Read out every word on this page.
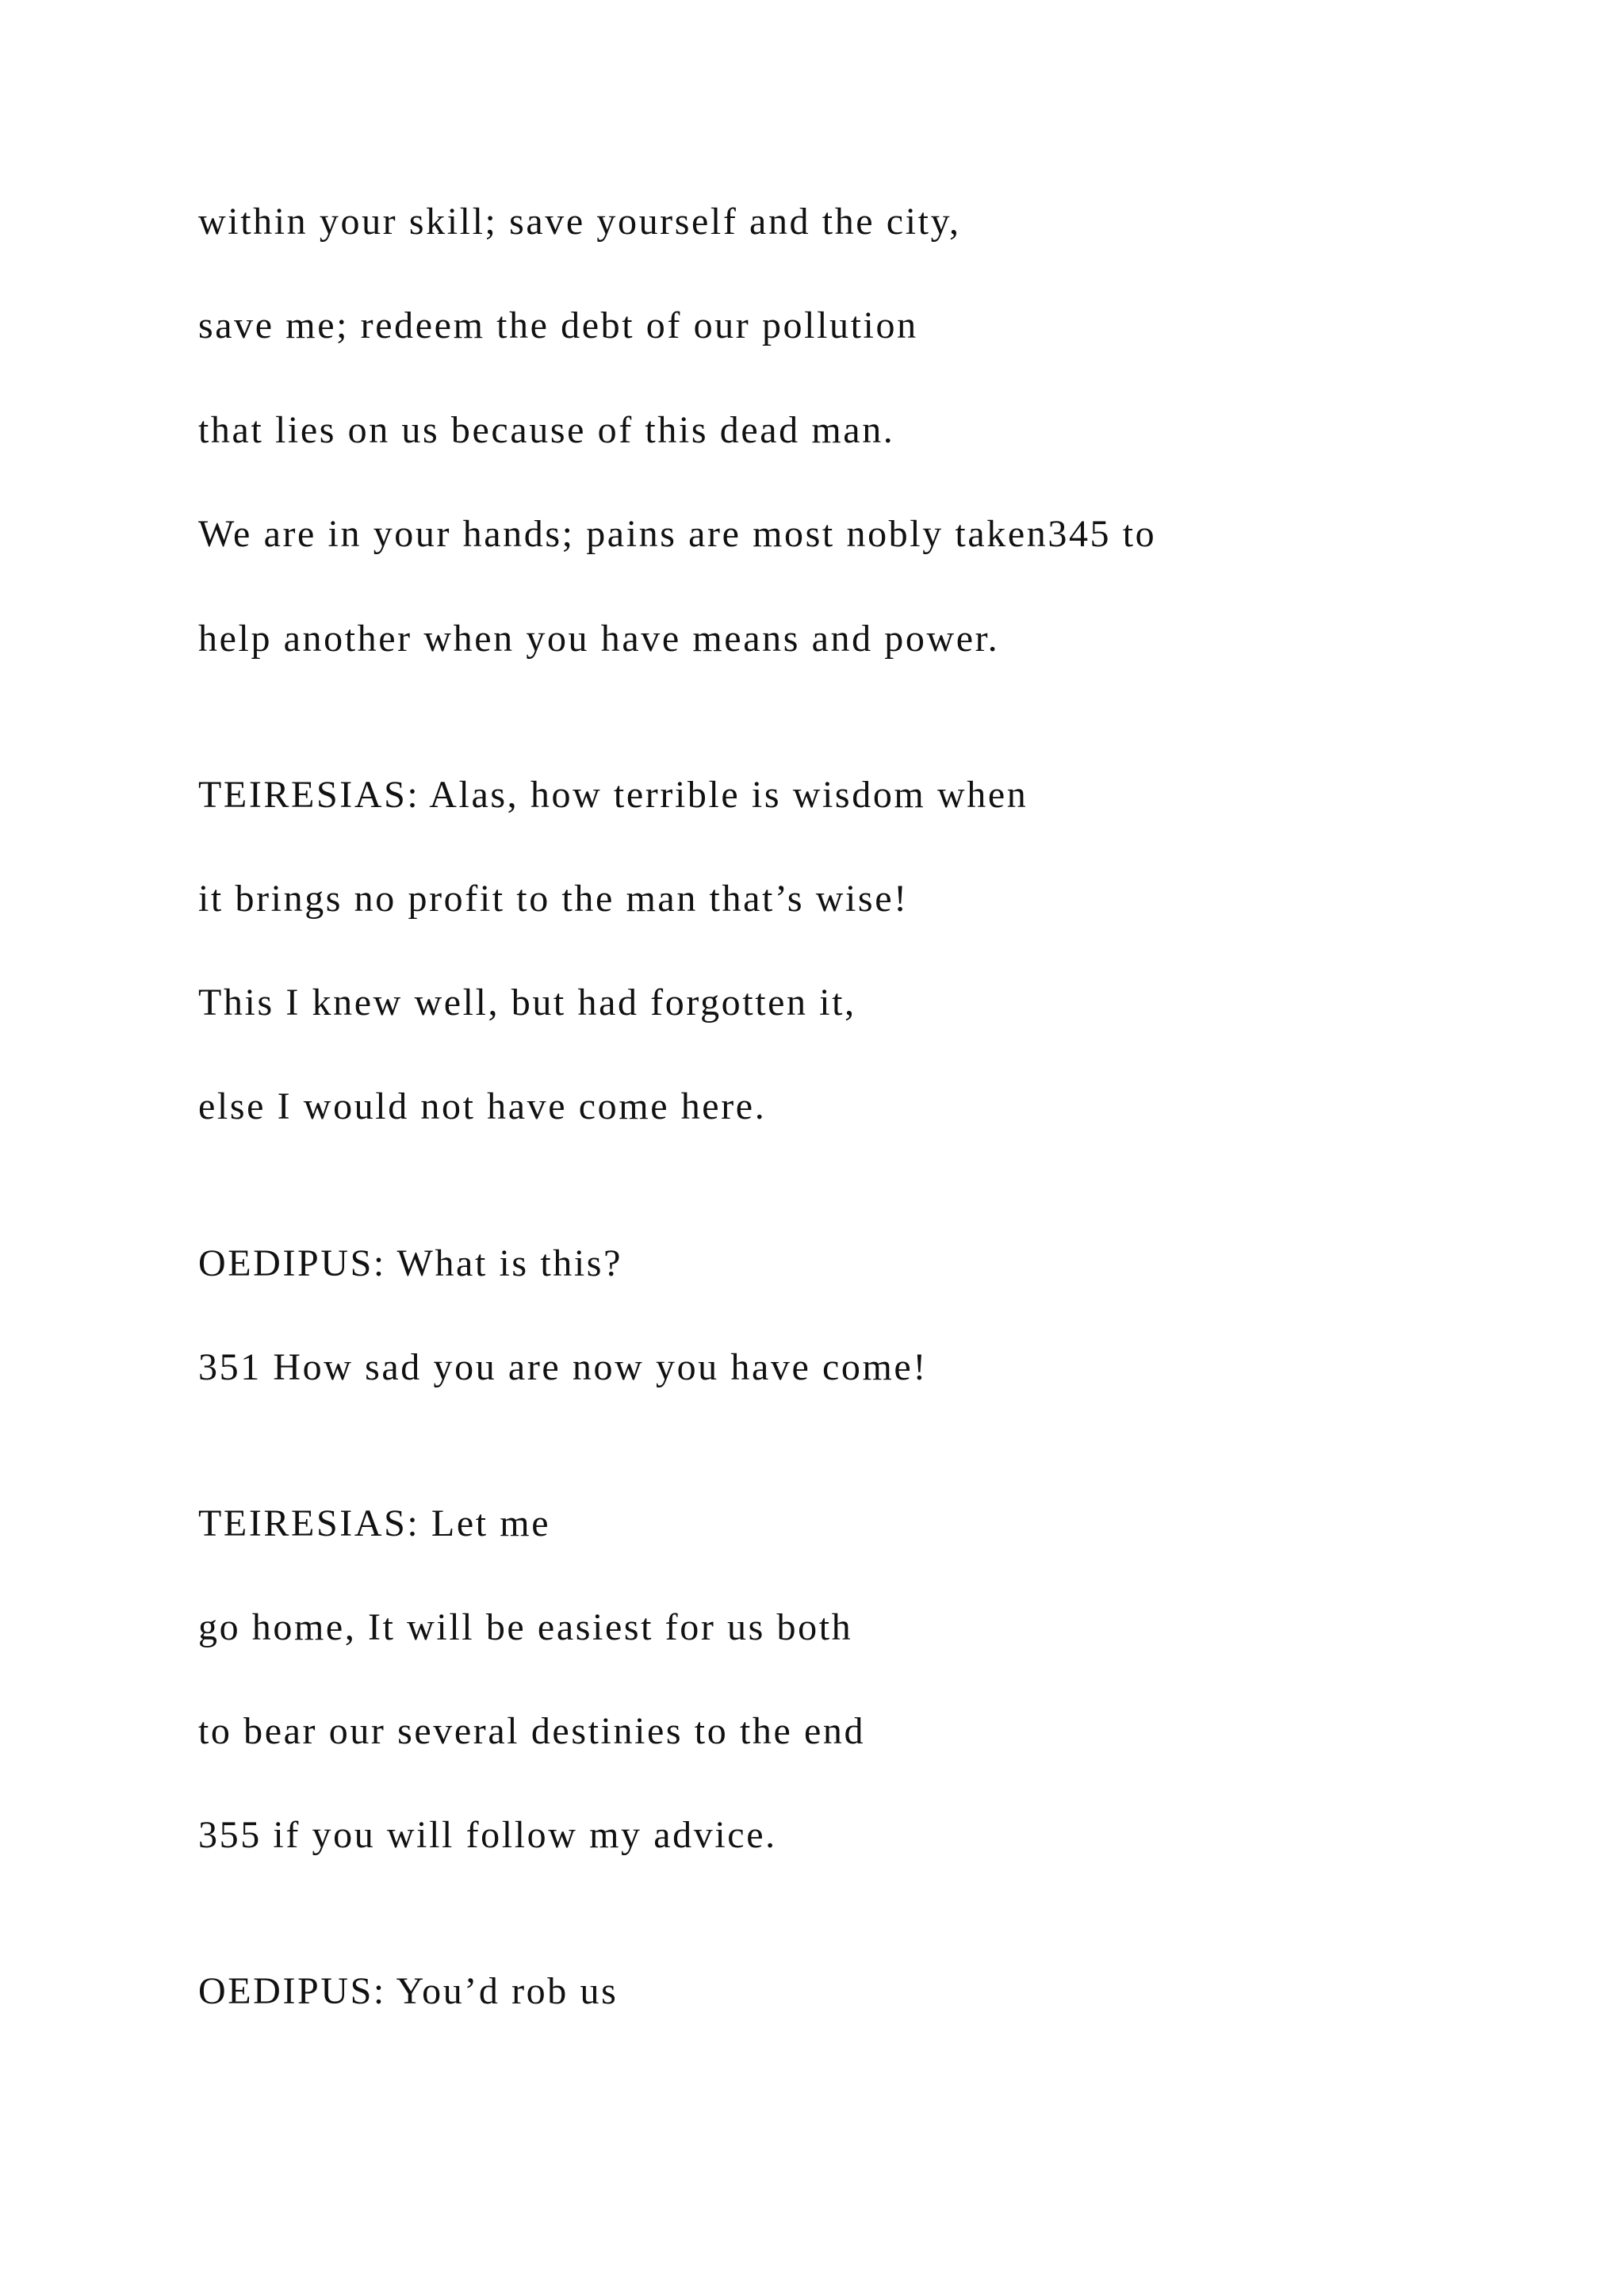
within your skill; save yourself and the city,
save me; redeem the debt of our pollution
that lies on us because of this dead man.
We are in your hands; pains are most nobly taken345 to
help another when you have means and power.
TEIRESIAS: Alas, how terrible is wisdom when
it brings no profit to the man that’s wise!
This I knew well, but had forgotten it,
else I would not have come here.
OEDIPUS: What is this?
351 How sad you are now you have come!
TEIRESIAS: Let me
go home, It will be easiest for us both
to bear our several destinies to the end
355 if you will follow my advice.
OEDIPUS: You’d rob us
